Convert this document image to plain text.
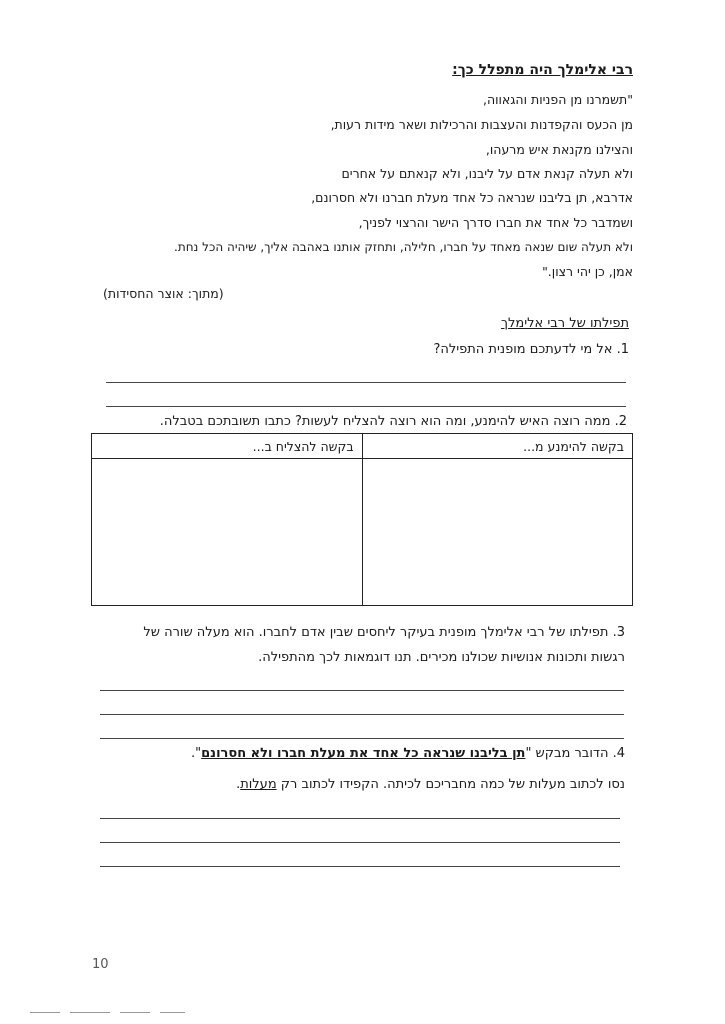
רבי אלימלך היה מתפלל כך:
"תשמרנו מן הפניות והגאווה,
מן הכעס והקפדנות והעצבות והרכילות ושאר מידות רעות,
והצילנו מקנאת איש מרעהו,
ולא תעלה קנאת אדם על ליבנו, ולא קנאתם על אחרים
אדרבא, תן בליבנו שנראה כל אחד מעלת חברנו ולא חסרונם,
ושמדבר כל אחד את חברו סדרך הישר והרצוי לפניך,
ולא תעלה שום שנאה מאחד על חברו, חלילה, ותחזק אותנו באהבה אליך, שיהיה הכל נחת.
אמן, כן יהי רצון."
(מתוך: אוצר החסידות)
תפילתו של רבי אלימלך
1. אל מי לדעתכם מופנית התפילה?
2. ממה רוצה האיש להימנע, ומה הוא רוצה להצליח לעשות? כתבו תשובתכם בטבלה.
בקשה להימנע מ...	בקשה להצליח ב...

3. תפילתו של רבי אלימלך מופנית בעיקר ליחסים שבין אדם לחברו. הוא מעלה שורה של
רגשות ותכונות אנושיות שכולנו מכירים. תנו דוגמאות לכך מהתפילה.
4. הדובר מבקש "תן בליבנו שנראה כל אחד את מעלת חברו ולא חסרונם".
נסו לכתוב מעלות של כמה מחבריכם לכיתה. הקפידו לכתוב רק מעלות.
10
